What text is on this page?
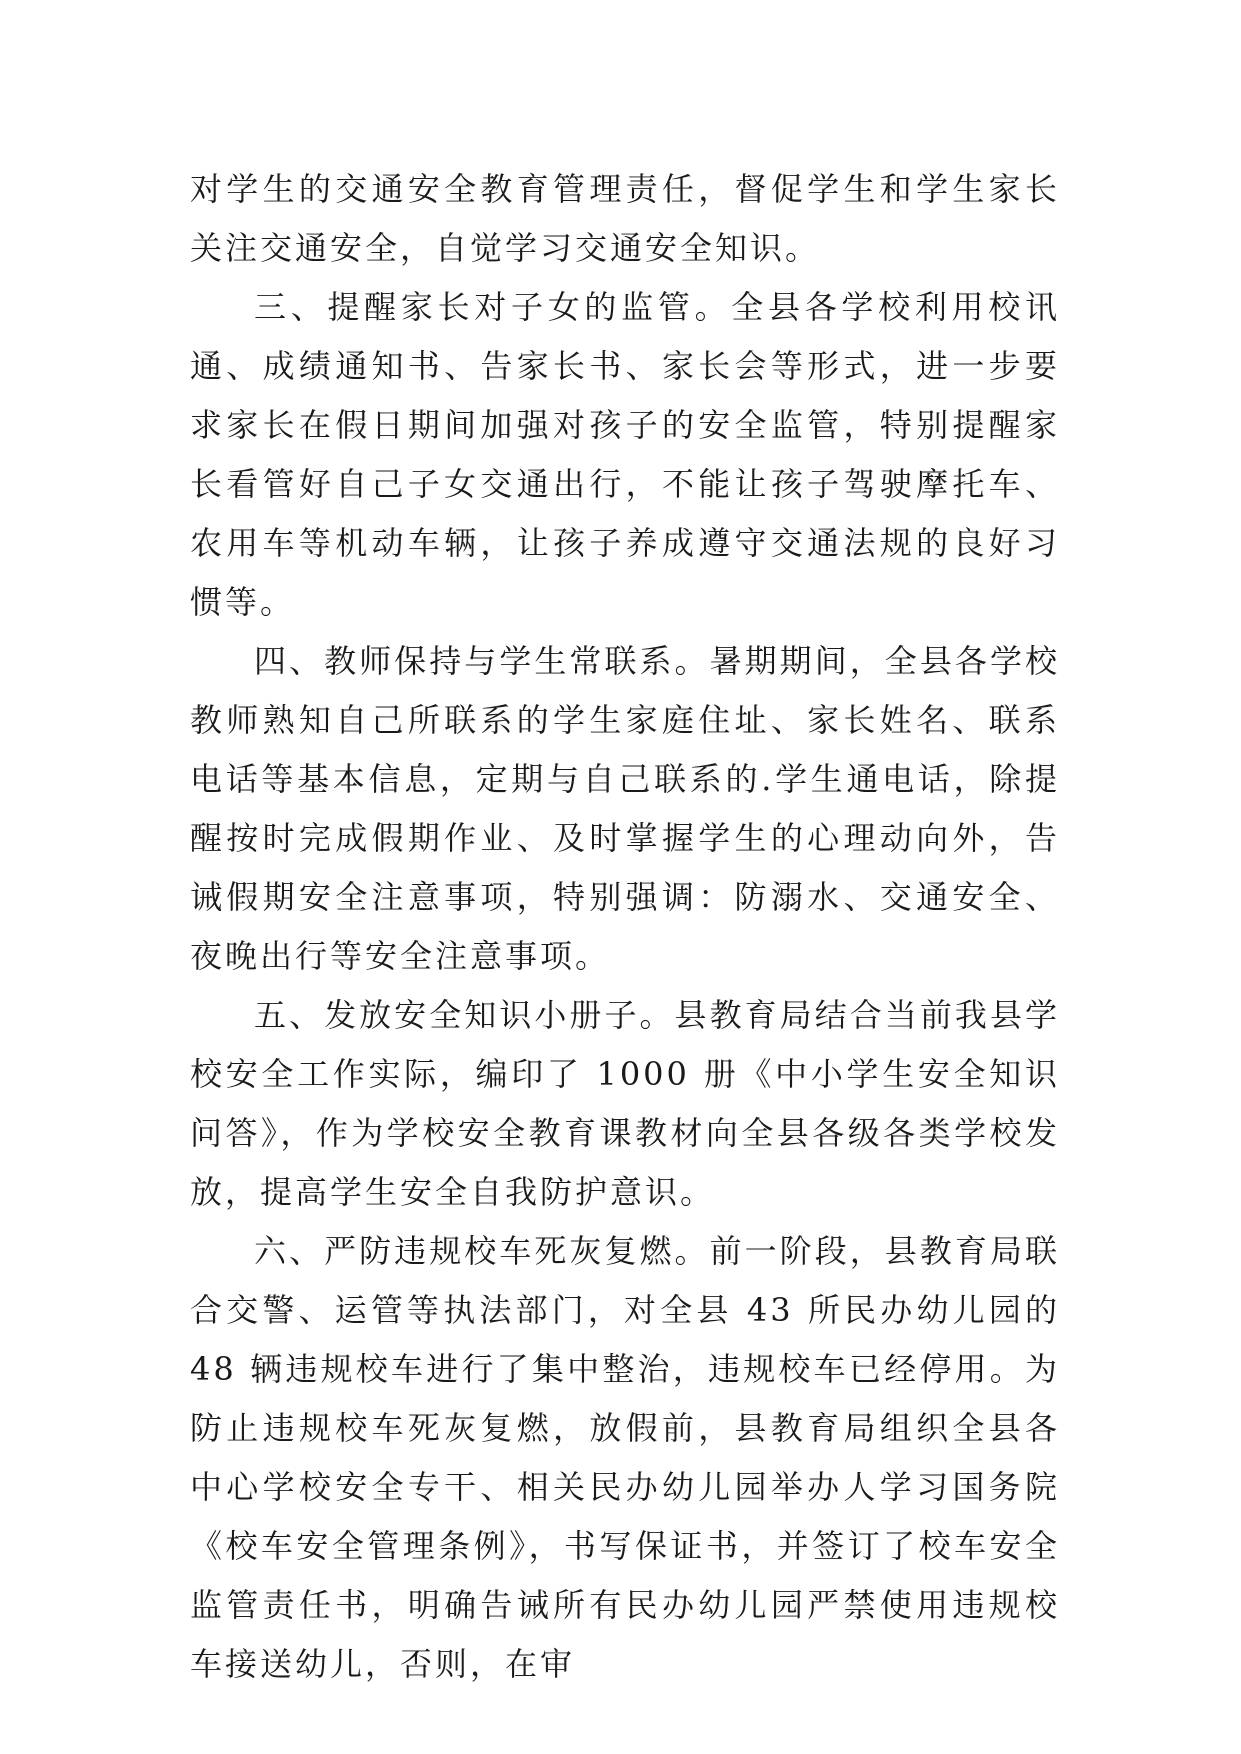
对学生的交通安全教育管理责任，督促学生和学生家长关注交通安全，自觉学习交通安全知识。

三、提醒家长对子女的监管。全县各学校利用校讯通、成绩通知书、告家长书、家长会等形式，进一步要求家长在假日期间加强对孩子的安全监管，特别提醒家长看管好自己子女交通出行，不能让孩子驾驶摩托车、农用车等机动车辆，让孩子养成遵守交通法规的良好习惯等。

四、教师保持与学生常联系。暑期期间，全县各学校教师熟知自己所联系的学生家庭住址、家长姓名、联系电话等基本信息，定期与自己联系的.学生通电话，除提醒按时完成假期作业、及时掌握学生的心理动向外，告诫假期安全注意事项，特别强调：防溺水、交通安全、夜晚出行等安全注意事项。

五、发放安全知识小册子。县教育局结合当前我县学校安全工作实际，编印了 1000 册《中小学生安全知识问答》，作为学校安全教育课教材向全县各级各类学校发放，提高学生安全自我防护意识。

六、严防违规校车死灰复燃。前一阶段，县教育局联合交警、运管等执法部门，对全县 43 所民办幼儿园的 48 辆违规校车进行了集中整治，违规校车已经停用。为防止违规校车死灰复燃，放假前，县教育局组织全县各中心学校安全专干、相关民办幼儿园举办人学习国务院《校车安全管理条例》，书写保证书，并签订了校车安全监管责任书，明确告诫所有民办幼儿园严禁使用违规校车接送幼儿，否则，在审
